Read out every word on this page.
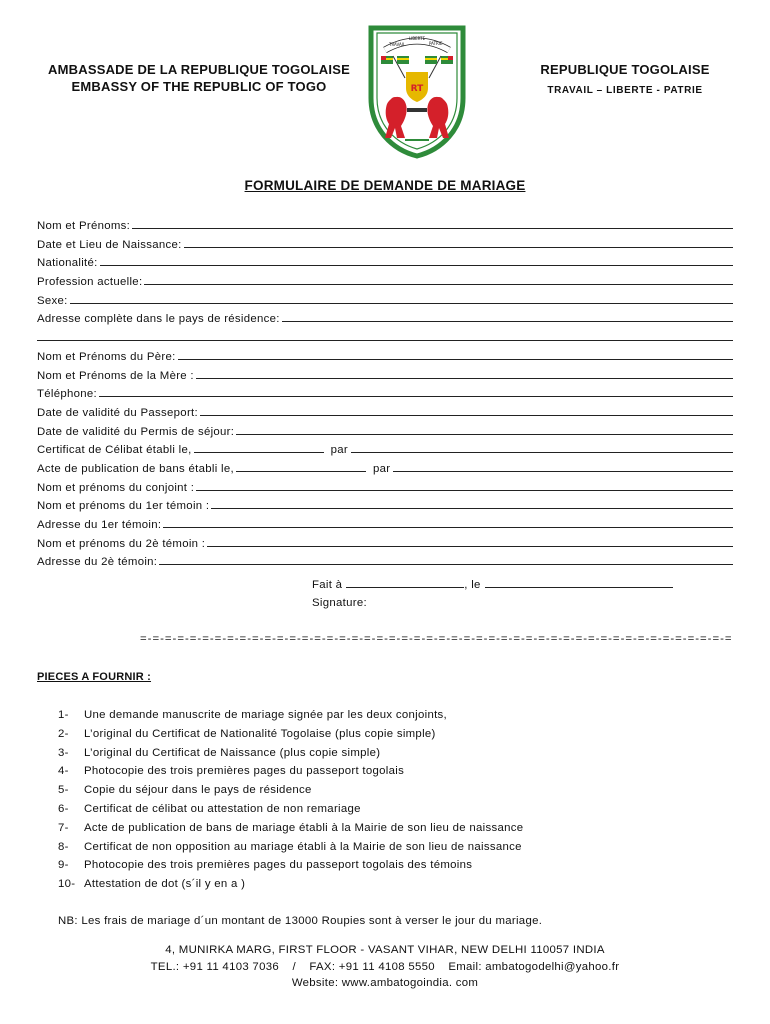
AMBASSADE DE LA REPUBLIQUE TOGOLAISE
EMBASSY OF THE REPUBLIC OF TOGO
TRAVAIL LIBERTE PATRIE
RT
REPUBLIQUE TOGOLAISE
TRAVAIL – LIBERTE - PATRIE
FORMULAIRE DE DEMANDE DE MARIAGE
Nom et Prénoms:
Date et Lieu de Naissance:
Nationalité:
Profession actuelle:
Sexe:
Adresse complète dans le pays de résidence:
Nom et Prénoms du Père:
Nom et Prénoms de la Mère :
Téléphone:
Date de validité du Passeport:
Date de validité du Permis de séjour:
Certificat de Célibat établi le,	par
Acte de publication de bans établi le,	par
Nom et prénoms du conjoint :
Nom et prénoms du 1er témoin :
Adresse du 1er témoin:
Nom et prénoms du 2è témoin :
Adresse du 2è témoin:
Fait à	, le
Signature:
=-=-=-=-=-=-=-=-=-=-=-=-=-=-=-=-=-=-=-=-=-=-=-=-=-=-=-=-=-=-=-=-=-=-=-=-=-=-=-=-=-=-=-=-=-=-=-=
PIECES A FOURNIR :
1-	Une demande manuscrite de mariage signée par les deux conjoints,
2-	L’original du Certificat de Nationalité Togolaise (plus copie simple)
3-	L’original du Certificat de Naissance (plus copie simple)
4-	Photocopie des trois premières pages du passeport togolais
5-	Copie du séjour dans le pays de résidence
6-	Certificat de célibat ou attestation de non remariage
7-	Acte de publication de bans de mariage établi à la Mairie de son lieu de naissance
8-	Certificat de non opposition au mariage établi à la Mairie de son lieu de naissance
9-	Photocopie des trois premières pages du passeport togolais des témoins
10- Attestation de dot (s´il y en a )
NB: Les frais de mariage d´un montant de 13000 Roupies sont à verser le jour du mariage.
4, MUNIRKA MARG, FIRST FLOOR - VASANT VIHAR, NEW DELHI 110057 INDIA
TEL.: +91 11 4103 7036 / FAX: +91 11 4108 5550 Email: ambatogodelhi@yahoo.fr
Website: www.ambatogoindia. com
